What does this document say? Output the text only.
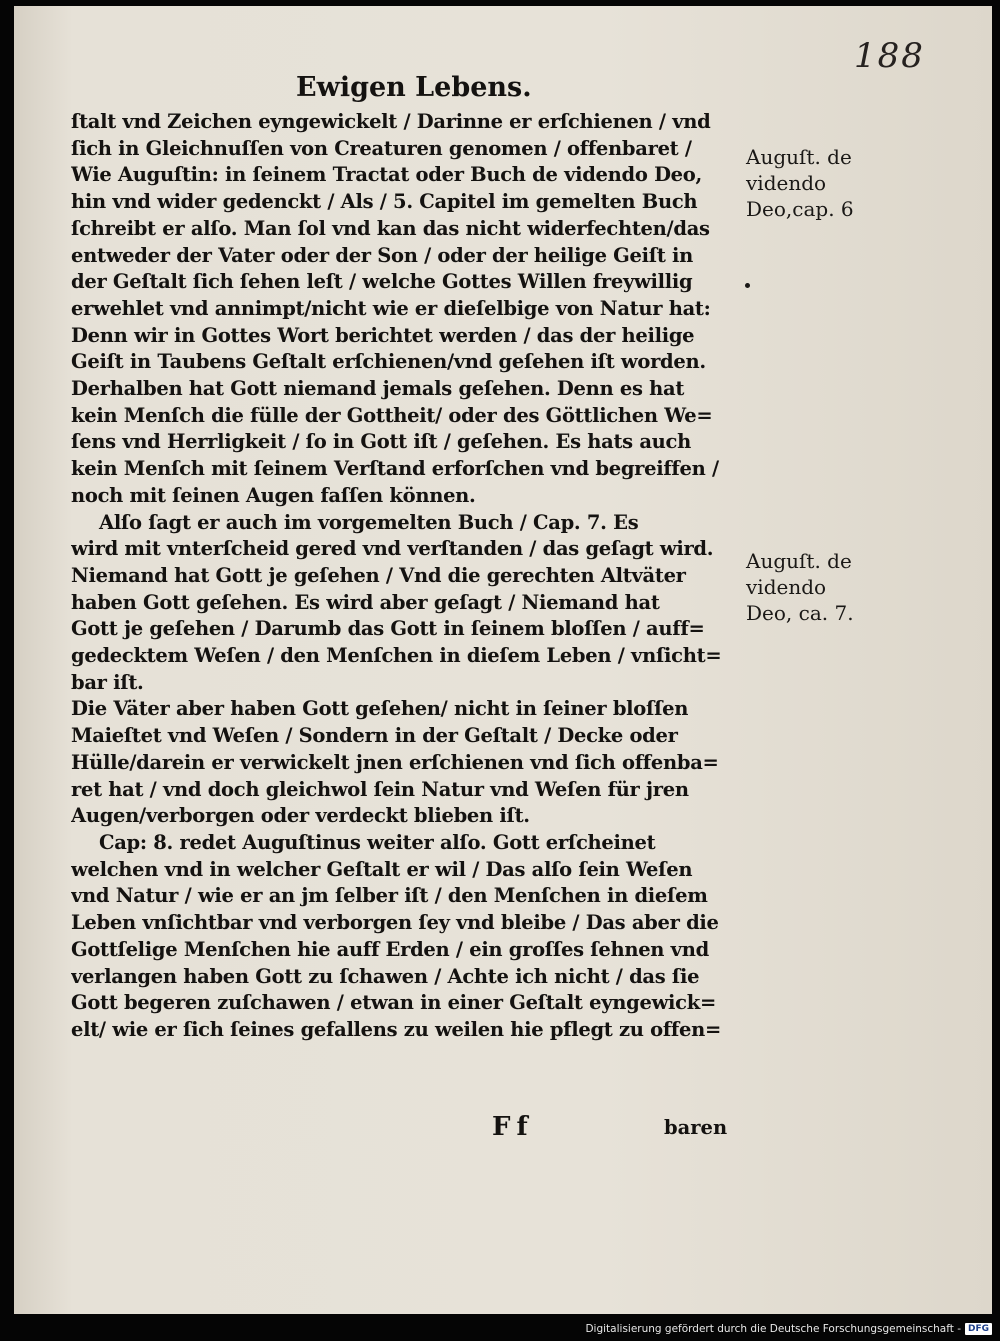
188
Ewigen Lebens.
ſtalt vnd Zeichen eyngewickelt / Darinne er erſchienen / vnd
ſich in Gleichnuſſen von Creaturen genomen / offenbaret /
Wie Auguſtin: in ſeinem Tractat oder Buch de videndo Deo,
hin vnd wider gedenckt / Als / 5. Capitel im gemelten Buch
ſchreibt er alſo. Man ſol vnd kan das nicht widerfechten/das
entweder der Vater oder der Son / oder der heilige Geiſt in
der Geſtalt ſich ſehen leſt / welche Gottes Willen freywillig
erwehlet vnd annimpt/nicht wie er dieſelbige von Natur hat:
Denn wir in Gottes Wort berichtet werden / das der heilige
Geiſt in Taubens Geſtalt erſchienen/vnd geſehen iſt worden.
Derhalben hat Gott niemand jemals geſehen. Denn es hat
kein Menſch die fülle der Gottheit/ oder des Göttlichen We=
ſens vnd Herrligkeit / ſo in Gott iſt / geſehen. Es hats auch
kein Menſch mit ſeinem Verſtand erforſchen vnd begreiffen /
noch mit ſeinen Augen faſſen können.
Alſo ſagt er auch im vorgemelten Buch / Cap. 7. Es
wird mit vnterſcheid gered vnd verſtanden / das geſagt wird.
Niemand hat Gott je geſehen / Vnd die gerechten Altväter
haben Gott geſehen. Es wird aber geſagt / Niemand hat
Gott je geſehen / Darumb das Gott in ſeinem bloſſen / auff=
gedecktem Weſen / den Menſchen in dieſem Leben / vnſicht=
bar iſt.
Die Väter aber haben Gott geſehen/ nicht in ſeiner bloſſen
Maieſtet vnd Weſen / Sondern in der Geſtalt / Decke oder
Hülle/darein er verwickelt jnen erſchienen vnd ſich offenba=
ret hat / vnd doch gleichwol ſein Natur vnd Weſen für jren
Augen/verborgen oder verdeckt blieben iſt.
Cap: 8. redet Auguſtinus weiter alſo. Gott erſcheinet
welchen vnd in welcher Geſtalt er wil / Das alſo ſein Weſen
vnd Natur / wie er an jm ſelber iſt / den Menſchen in dieſem
Leben vnſichtbar vnd verborgen ſey vnd bleibe / Das aber die
Gottſelige Menſchen hie auff Erden / ein groſſes ſehnen vnd
verlangen haben Gott zu ſchawen / Achte ich nicht / das ſie
Gott begeren zuſchawen / etwan in einer Geſtalt eyngewick=
elt/ wie er ſich ſeines gefallens zu weilen hie pflegt zu offen=
Auguſt. de
videndo
Deo,cap. 6
Auguſt. de
videndo
Deo, ca. 7.
Ff	baren
Digitalisierung gefördert durch die Deutsche Forschungsgemeinschaft - DFG
